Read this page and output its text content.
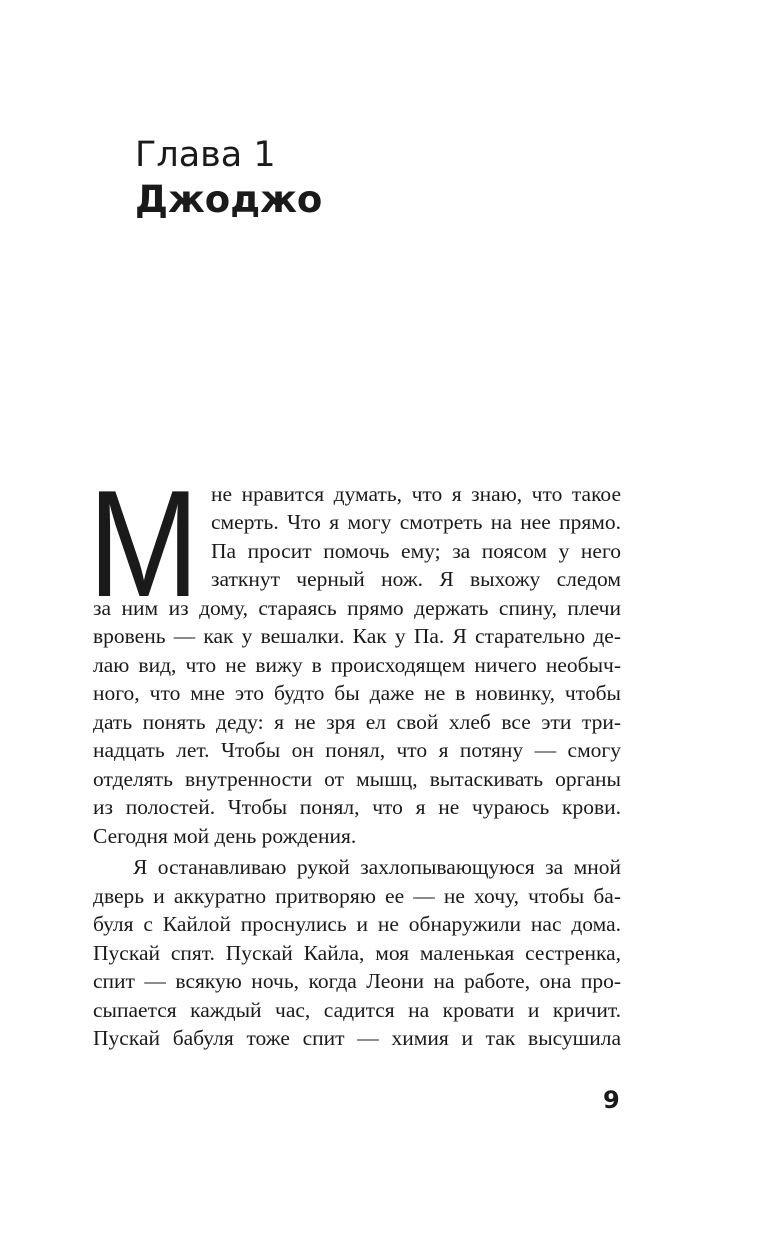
Глава 1
Джоджо
М не нравится думать, что я знаю, что такое
смерть. Что я могу смотреть на нее прямо.
Па просит помочь ему; за поясом у него
заткнут черный нож. Я выхожу следом
за ним из дому, стараясь прямо держать спину, плечи
вровень — как у вешалки. Как у Па. Я старательно де-
лаю вид, что не вижу в происходящем ничего необыч-
ного, что мне это будто бы даже не в новинку, чтобы
дать понять деду: я не зря ел свой хлеб все эти три-
надцать лет. Чтобы он понял, что я потяну — смогу
отделять внутренности от мышц, вытаскивать органы
из полостей. Чтобы понял, что я не чураюсь крови.
Сегодня мой день рождения.
Я останавливаю рукой захлопывающуюся за мной
дверь и аккуратно притворяю ее — не хочу, чтобы ба-
буля с Кайлой проснулись и не обнаружили нас дома.
Пускай спят. Пускай Кайла, моя маленькая сестренка,
спит — всякую ночь, когда Леони на работе, она про-
сыпается каждый час, садится на кровати и кричит.
Пускай бабуля тоже спит — химия и так высушила
9
